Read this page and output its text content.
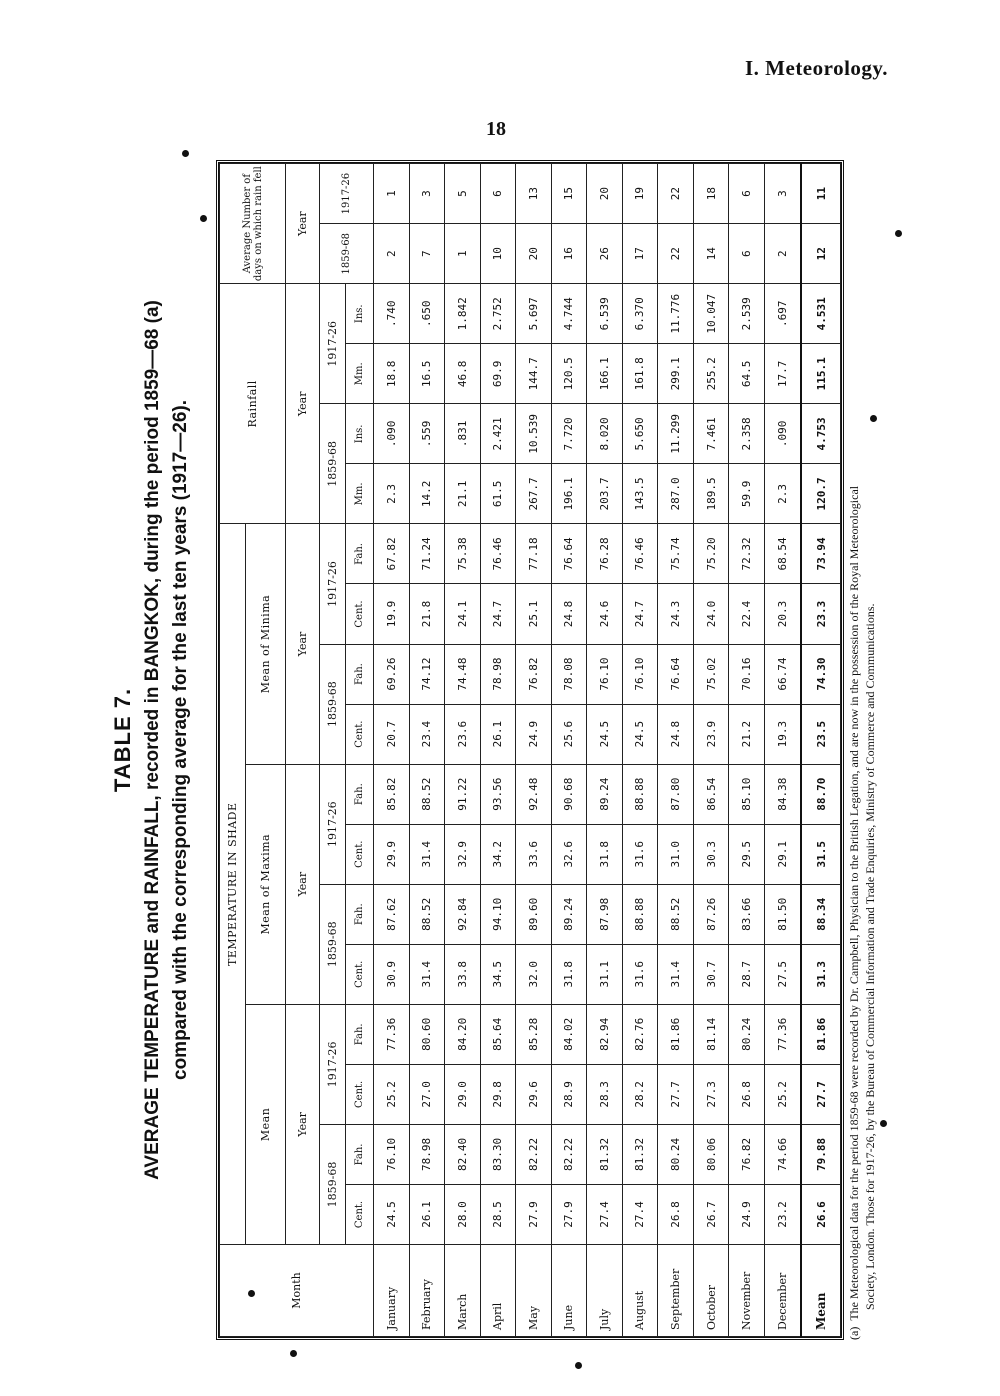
I. Meteorology.
18
TABLE 7. AVERAGE TEMPERATURE and RAINFALL, recorded in BANGKOK, during the period 1859—68 (a) compared with the corresponding average for the last ten years (1917—26).
Month	TEMPERATURE IN SHADE												Rainfall				Average Number of days on which rain fell	
	Mean				Mean of Maxima				Mean of Minima									
	Year				Year				Year				Year				Year	
	1859-68		1917-26		1859-68		1917-26		1859-68		1917-26		1859-68		1917-26		1859-68	1917-26
	Cent.	Fah.	Cent.	Fah.	Cent.	Fah.	Cent.	Fah.	Cent.	Fah.	Cent.	Fah.	Mm.	Ins.	Mm.	Ins.		
January	24.5	76.10	25.2	77.36	30.9	87.62	29.9	85.82	20.7	69.26	19.9	67.82	2.3	.090	18.8	.740	2	1
February	26.1	78.98	27.0	80.60	31.4	88.52	31.4	88.52	23.4	74.12	21.8	71.24	14.2	.559	16.5	.650	7	3
March	28.0	82.40	29.0	84.20	33.8	92.84	32.9	91.22	23.6	74.48	24.1	75.38	21.1	.831	46.8	1.842	1	5
April	28.5	83.30	29.8	85.64	34.5	94.10	34.2	93.56	26.1	78.98	24.7	76.46	61.5	2.421	69.9	2.752	10	6
May	27.9	82.22	29.6	85.28	32.0	89.60	33.6	92.48	24.9	76.82	25.1	77.18	267.7	10.539	144.7	5.697	20	13
June	27.9	82.22	28.9	84.02	31.8	89.24	32.6	90.68	25.6	78.08	24.8	76.64	196.1	7.720	120.5	4.744	16	15
July	27.4	81.32	28.3	82.94	31.1	87.98	31.8	89.24	24.5	76.10	24.6	76.28	203.7	8.020	166.1	6.539	26	20
August	27.4	81.32	28.2	82.76	31.6	88.88	31.6	88.88	24.5	76.10	24.7	76.46	143.5	5.650	161.8	6.370	17	19
September	26.8	80.24	27.7	81.86	31.4	88.52	31.0	87.80	24.8	76.64	24.3	75.74	287.0	11.299	299.1	11.776	22	22
October	26.7	80.06	27.3	81.14	30.7	87.26	30.3	86.54	23.9	75.02	24.0	75.20	189.5	7.461	255.2	10.047	14	18
November	24.9	76.82	26.8	80.24	28.7	83.66	29.5	85.10	21.2	70.16	22.4	72.32	59.9	2.358	64.5	2.539	6	6
December	23.2	74.66	25.2	77.36	27.5	81.50	29.1	84.38	19.3	66.74	20.3	68.54	2.3	.090	17.7	.697	2	3
Mean	26.6	79.88	27.7	81.86	31.3	88.34	31.5	88.70	23.5	74.30	23.3	73.94	120.7	4.753	115.1	4.531	12	11
(a)  The Meteorological data for the period 1859-68 were recorded by Dr. Campbell, Physician to the British Legation, and are now in the possession of the Royal Meteorological Society, London. Those for 1917-26, by the Bureau of Commercial Information and Trade Enquiries, Ministry of Commerce and Communications.
